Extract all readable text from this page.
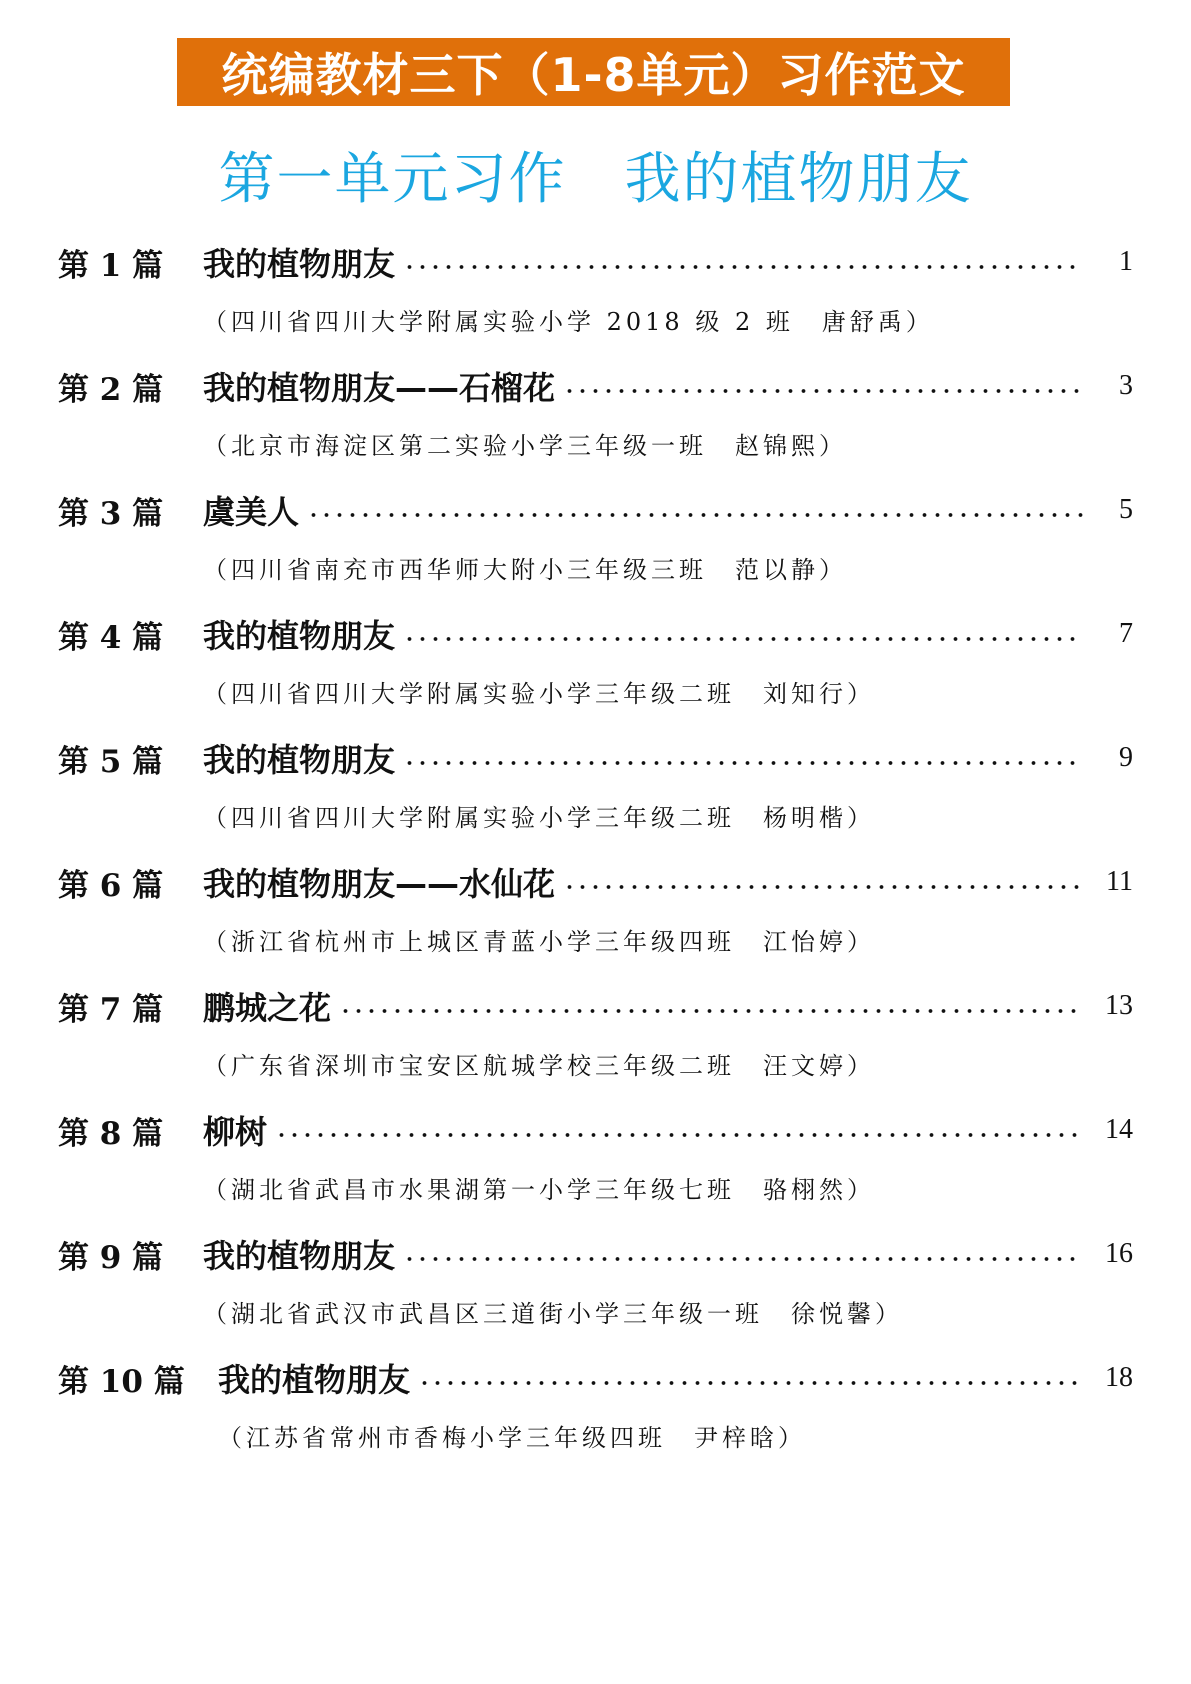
统编教材三下（1-8单元）习作范文
第一单元习作　我的植物朋友
第 1 篇	我的植物朋友	1
（四川省四川大学附属实验小学 2018 级 2 班　唐舒禹）
第 2 篇	我的植物朋友——石榴花	3
（北京市海淀区第二实验小学三年级一班　赵锦熙）
第 3 篇	虞美人	5
（四川省南充市西华师大附小三年级三班　范以静）
第 4 篇	我的植物朋友	7
（四川省四川大学附属实验小学三年级二班　刘知行）
第 5 篇	我的植物朋友	9
（四川省四川大学附属实验小学三年级二班　杨明楷）
第 6 篇	我的植物朋友——水仙花	11
（浙江省杭州市上城区青蓝小学三年级四班　江怡婷）
第 7 篇	鹏城之花	13
（广东省深圳市宝安区航城学校三年级二班　汪文婷）
第 8 篇	柳树	14
（湖北省武昌市水果湖第一小学三年级七班　骆栩然）
第 9 篇	我的植物朋友	16
（湖北省武汉市武昌区三道街小学三年级一班　徐悦馨）
第 10 篇	我的植物朋友	18
（江苏省常州市香梅小学三年级四班　尹梓晗）
